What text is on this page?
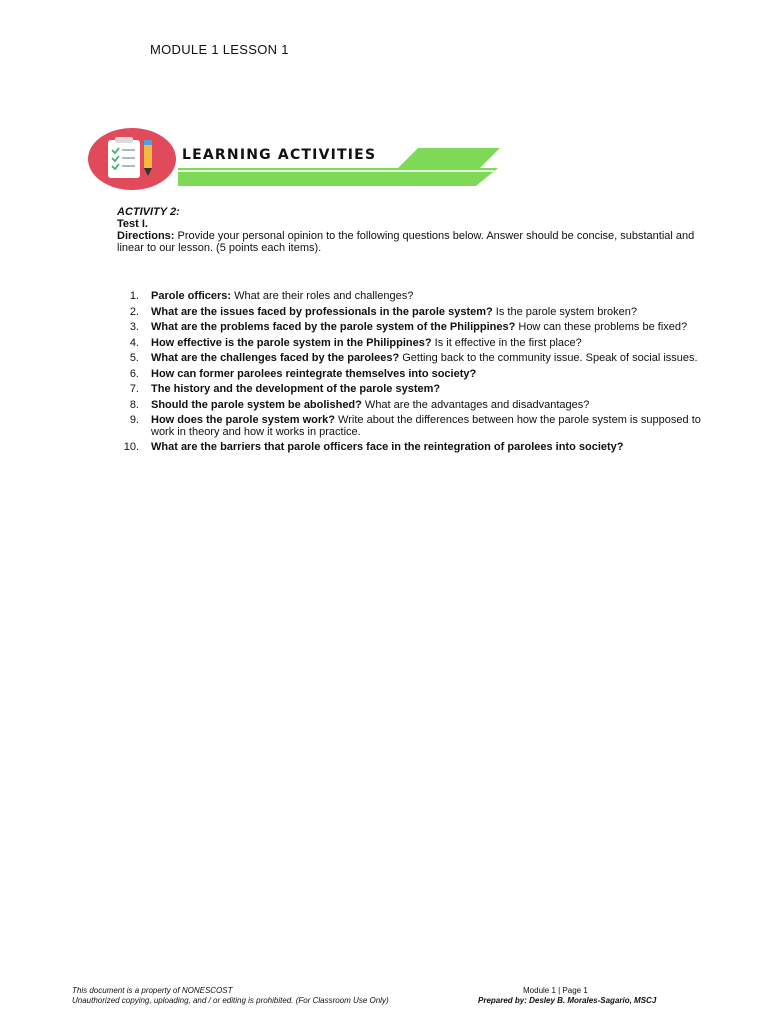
MODULE 1 LESSON 1
LEARNING ACTIVITIES
ACTIVITY 2:
Test I.
Directions: Provide your personal opinion to the following questions below. Answer should be concise, substantial and linear to our lesson. (5 points each items).
1. Parole officers: What are their roles and challenges?
2. What are the issues faced by professionals in the parole system? Is the parole system broken?
3. What are the problems faced by the parole system of the Philippines? How can these problems be fixed?
4. How effective is the parole system in the Philippines? Is it effective in the first place?
5. What are the challenges faced by the parolees? Getting back to the community issue. Speak of social issues.
6. How can former parolees reintegrate themselves into society?
7. The history and the development of the parole system?
8. Should the parole system be abolished? What are the advantages and disadvantages?
9. How does the parole system work? Write about the differences between how the parole system is supposed to work in theory and how it works in practice.
10. What are the barriers that parole officers face in the reintegration of parolees into society?
This document is a property of NONESCOST
Unauthorized copying, uploading, and / or editing is prohibited. (For Classroom Use Only)
Module 1 | Page 1
Prepared by: Desley B. Morales-Sagario, MSCJ
